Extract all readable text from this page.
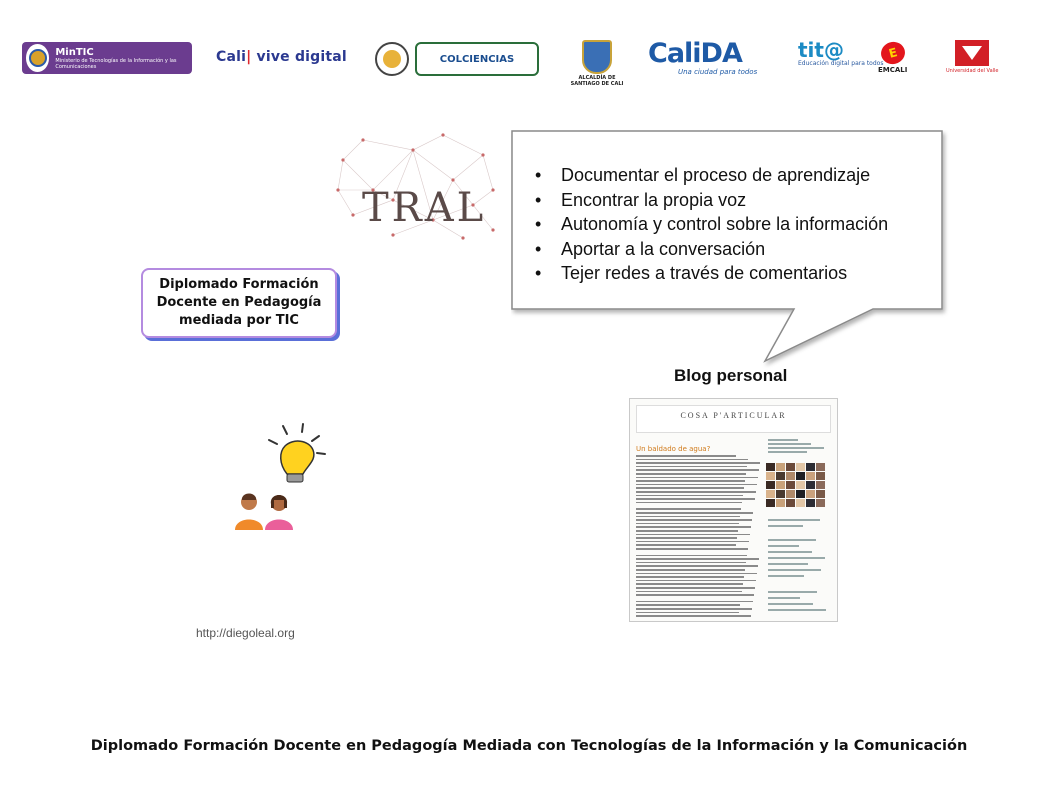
MinTIC
Ministerio de Tecnologías de la Información y las Comunicaciones
Cali |
vive digital	COLCIENCIAS
ALCALDÍA DE SANTIAGO DE CALI
CaliDA
Una ciudad para todos
tit@
Educación digital para todos
E
EMCALI	Universidad del Valle
TRAL
• Documentar el proceso de aprendizaje
• Encontrar la propia voz
• Autonomía y control sobre la información
• Aportar a la conversación
• Tejer redes a través de comentarios
Diplomado Formación Docente en Pedagogía mediada por TIC
Blog personal
COSA P'ARTICULAR

Un baldado de agua?
http://diegoleal.org
Diplomado Formación Docente en Pedagogía Mediada con Tecnologías de la Información y la Comunicación
